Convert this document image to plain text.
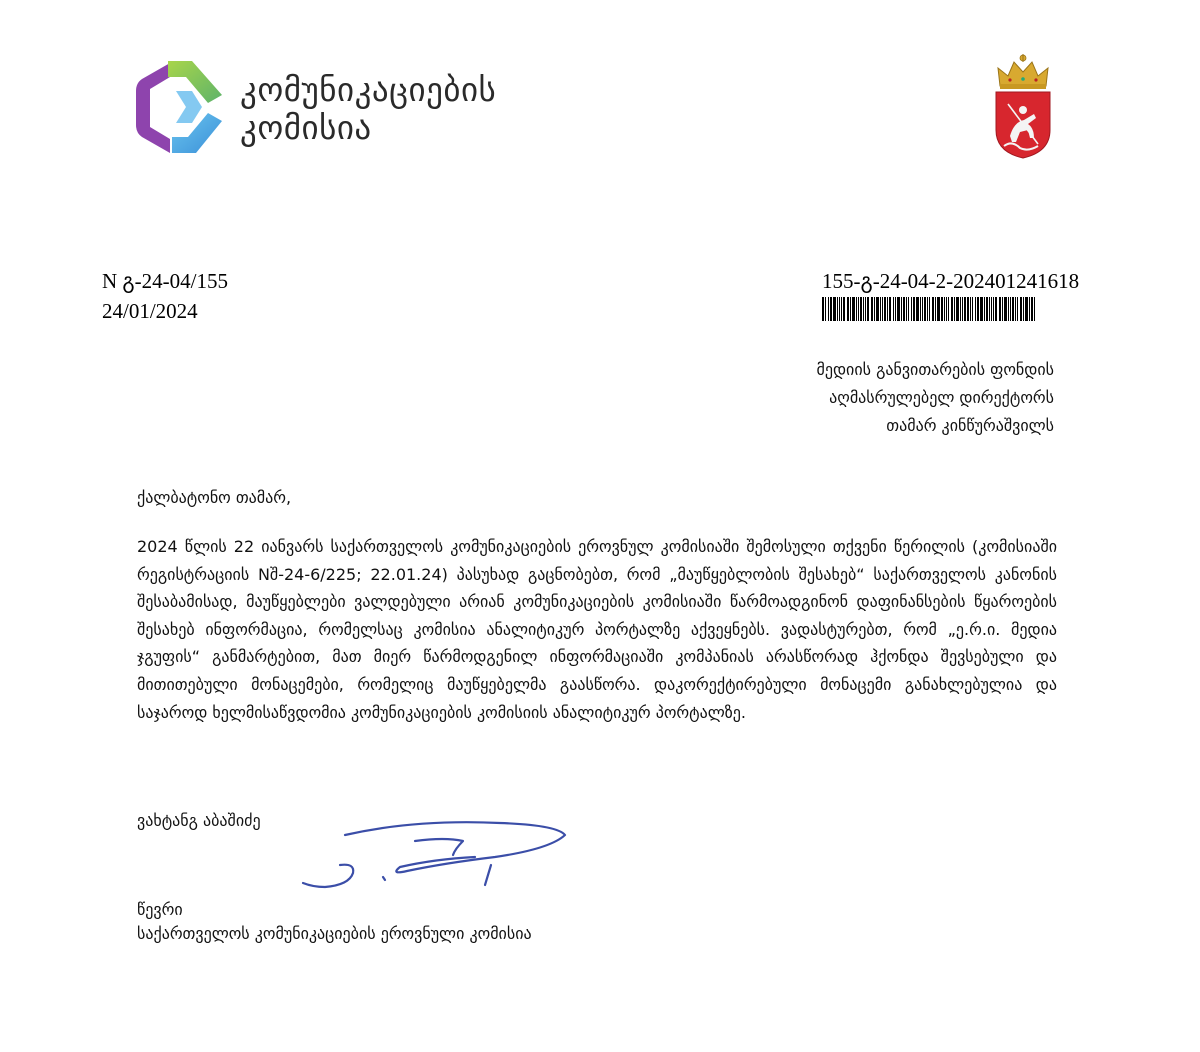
კომუნიკაციების
კომისია
N გ-24-04/155
24/01/2024
155-გ-24-04-2-202401241618
მედიის განვითარების ფონდის
აღმასრულებელ დირექტორს
თამარ კინწურაშვილს
ქალბატონო თამარ,
2024 წლის 22 იანვარს საქართველოს კომუნიკაციების ეროვნულ კომისიაში შემოსული თქვენი წერილის (კომისიაში რეგისტრაციის Nშ-24-6/225; 22.01.24) პასუხად გაცნობებთ, რომ „მაუწყებლობის შესახებ“ საქართველოს კანონის შესაბამისად, მაუწყებლები ვალდებული არიან კომუნიკაციების კომისიაში წარმოადგინონ დაფინანსების წყაროების შესახებ ინფორმაცია, რომელსაც კომისია ანალიტიკურ პორტალზე აქვეყნებს. ვადასტურებთ, რომ „ე.რ.ი. მედია ჯგუფის“ განმარტებით, მათ მიერ წარმოდგენილ ინფორმაციაში კომპანიას არასწორად ჰქონდა შევსებული და მითითებული მონაცემები, რომელიც მაუწყებელმა გაასწორა. დაკორექტირებული მონაცემი განახლებულია და საჯაროდ ხელმისაწვდომია კომუნიკაციების კომისიის ანალიტიკურ პორტალზე.
ვახტანგ აბაშიძე
წევრი
საქართველოს კომუნიკაციების ეროვნული კომისია
